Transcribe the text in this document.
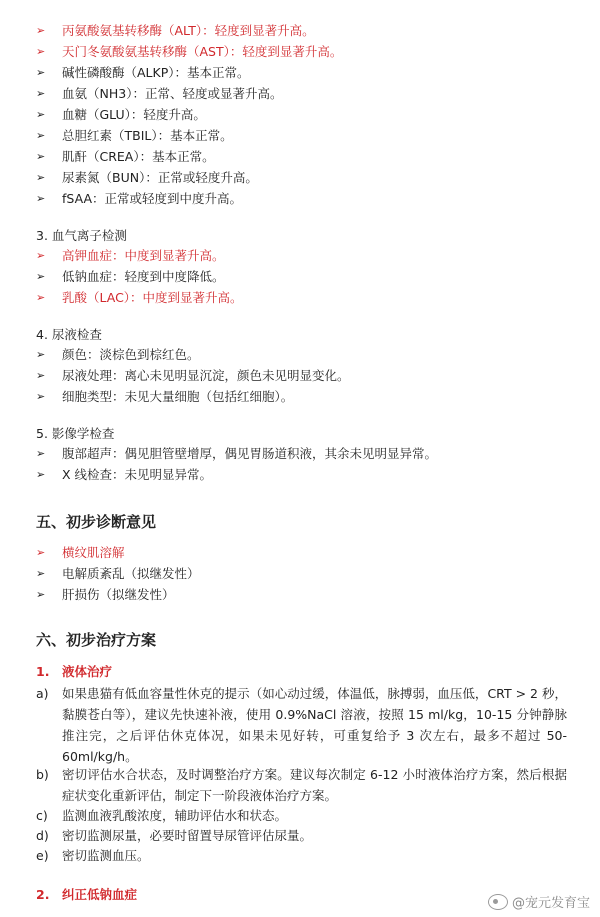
➢ 丙氨酸氨基转移酶（ALT）：轻度到显著升高。
➢ 天门冬氨酸氨基转移酶（AST）：轻度到显著升高。
➢ 碱性磷酸酶（ALKP）：基本正常。
➢ 血氨（NH3）：正常、轻度或显著升高。
➢ 血糖（GLU）：轻度升高。
➢ 总胆红素（TBIL）：基本正常。
➢ 肌酐（CREA）：基本正常。
➢ 尿素氮（BUN）：正常或轻度升高。
➢ fSAA：正常或轻度到中度升高。
3. 血气离子检测
➢ 高钾血症：中度到显著升高。
➢ 低钠血症：轻度到中度降低。
➢ 乳酸（LAC）：中度到显著升高。
4. 尿液检查
➢ 颜色：淡棕色到棕红色。
➢ 尿液处理：离心未见明显沉淀，颜色未见明显变化。
➢ 细胞类型：未见大量细胞（包括红细胞）。
5. 影像学检查
➢ 腹部超声：偶见胆管壁增厚，偶见胃肠道积液，其余未见明显异常。
➢ X 线检查：未见明显异常。
五、初步诊断意见
➢ 横纹肌溶解
➢ 电解质紊乱（拟继发性）
➢ 肝损伤（拟继发性）
六、初步治疗方案
1. 液体治疗
a) 如果患猫有低血容量性休克的提示（如心动过缓，体温低，脉搏弱，血压低，CRT > 2 秒，黏膜苍白等），建议先快速补液，使用 0.9%NaCl 溶液，按照 15 ml/kg，10-15 分钟静脉推注完，之后评估休克体况，如果未见好转，可重复给予 3 次左右，最多不超过 50-60ml/kg/h。
b) 密切评估水合状态，及时调整治疗方案。建议每次制定 6-12 小时液体治疗方案，然后根据症状变化重新评估，制定下一阶段液体治疗方案。
c) 监测血液乳酸浓度，辅助评估水和状态。
d) 密切监测尿量，必要时留置导尿管评估尿量。
e) 密切监测血压。
2. 纠正低钠血症
@宠元发育宝
